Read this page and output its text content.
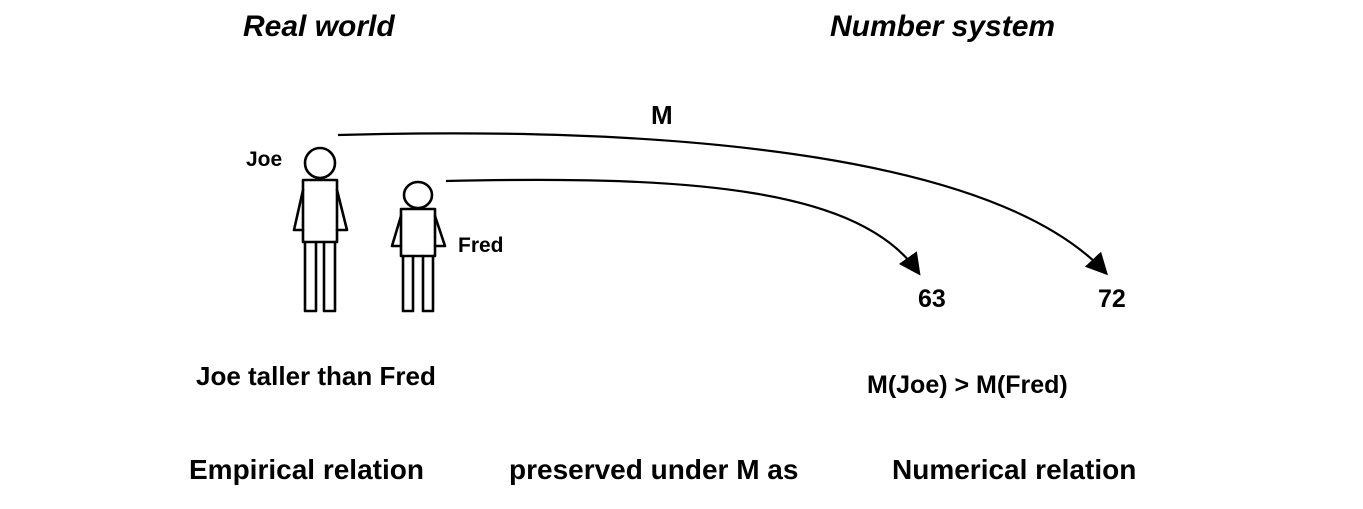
Real world	Number system
M
Joe
Fred
63	72
Joe taller than Fred	M(Joe) > M(Fred)
Empirical relation	preserved under M as	Numerical relation
